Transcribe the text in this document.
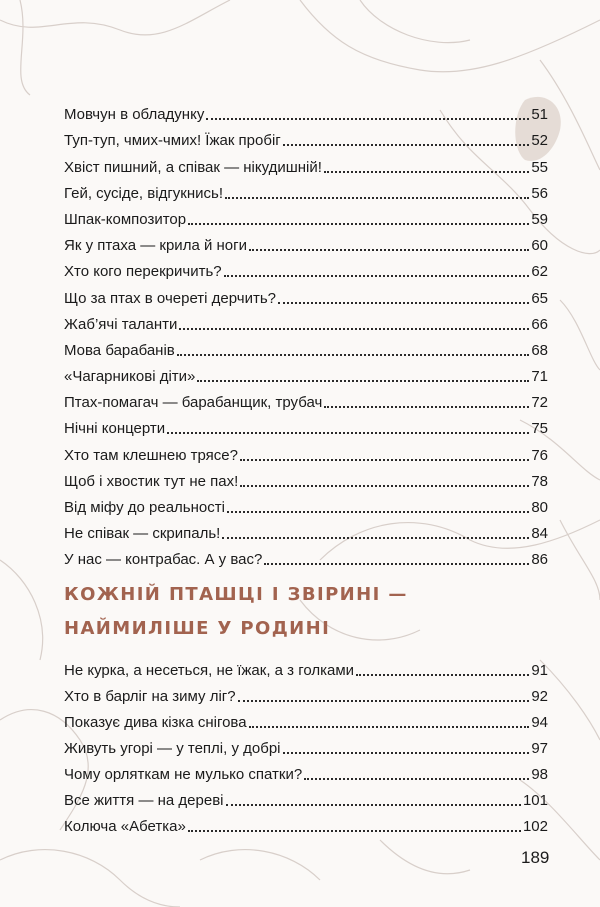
Мовчун в обладунку	51
Туп-туп, чмих-чмих! Їжак пробіг	52
Хвіст пишний, а співак — нікудишній!	55
Гей, сусіде, відгукнись!	56
Шпак-композитор	59
Як у птаха — крила й ноги	60
Хто кого перекричить?	62
Що за птах в очереті дерчить?	65
Жаб’ячі таланти	66
Мова барабанів	68
«Чагарникові діти»	71
Птах-помагач — барабанщик, трубач	72
Нічні концерти	75
Хто там клешнею трясе?	76
Щоб і хвостик тут не пах!	78
Від міфу до реальності	80
Не співак — скрипаль!	84
У нас — контрабас. А у вас?	86
КОЖНІЙ ПТАШЦІ І ЗВІРИНІ —
НАЙМИЛІШE У РОДИНІ
Не курка, а несеться, не їжак, а з голками	91
Хто в барліг на зиму ліг?	92
Показує дива кізка снігова	94
Живуть угорі — у теплі, у добрі	97
Чому орляткам не мулько спатки?	98
Все життя — на дереві	101
Колюча «Абетка»	102
189
